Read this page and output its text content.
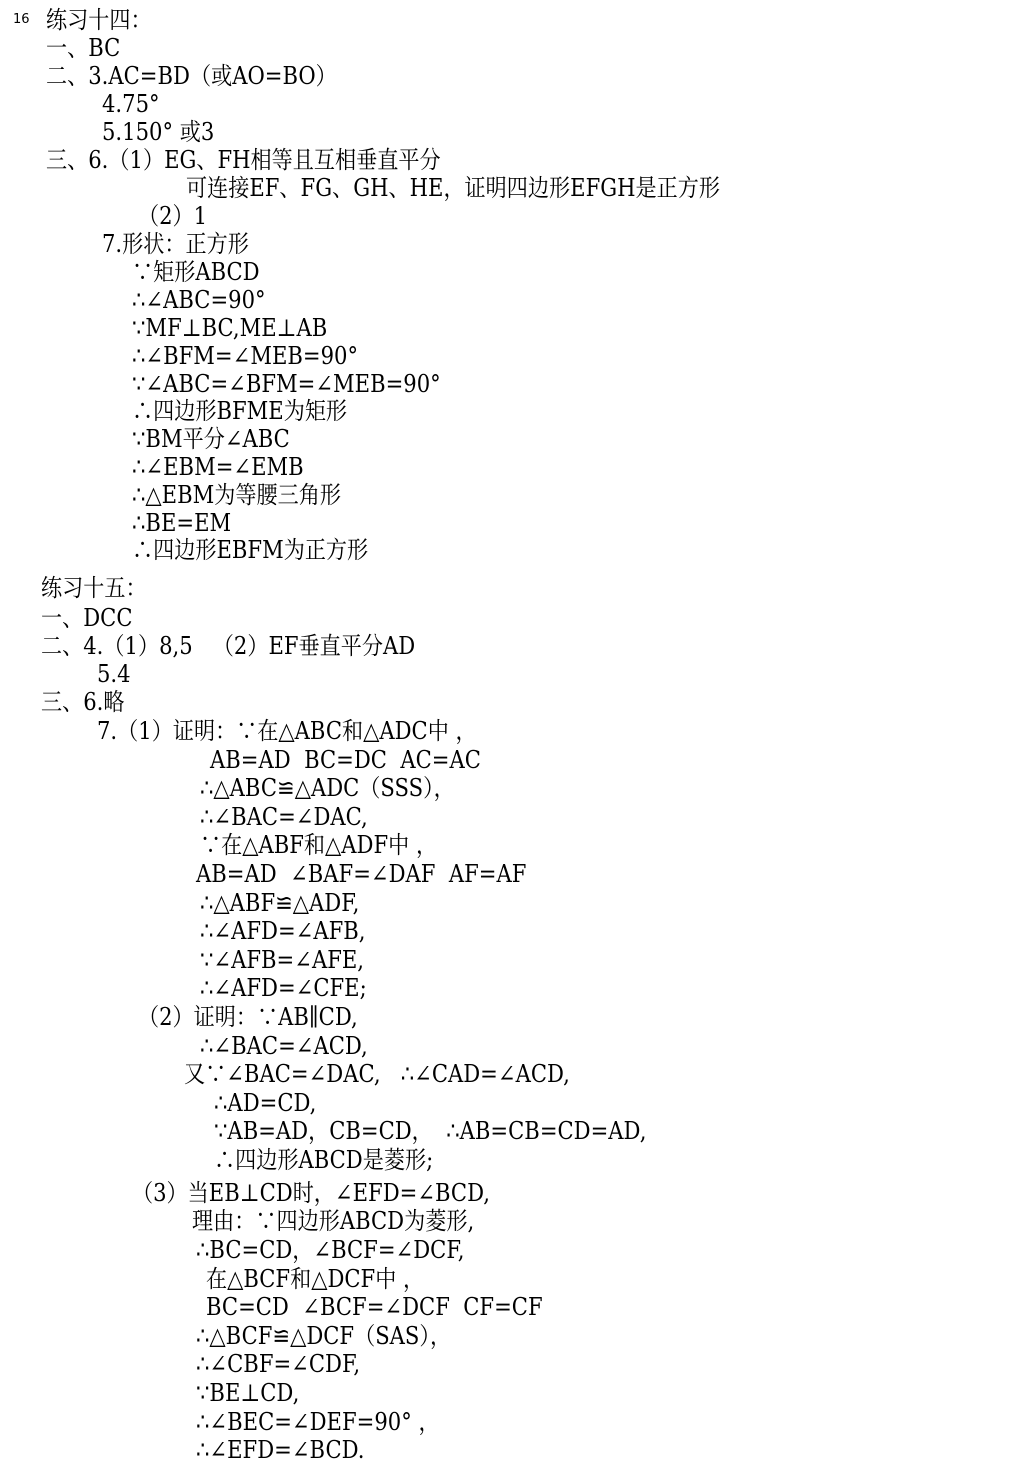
16 练习十四：
一、BC
二、3.AC=BD（或AO=BO）
4.75°
5.150° 或3
三、6.（1）EG、FH相等且互相垂直平分
可连接EF、FG、GH、HE，证明四边形EFGH是正方形
（2）1
7.形状：正方形
∵矩形ABCD
∴∠ABC=90°
∵MF⊥BC,ME⊥AB
∴∠BFM=∠MEB=90°
∵∠ABC=∠BFM=∠MEB=90°
∴四边形BFME为矩形
∵BM平分∠ABC
∴∠EBM=∠EMB
∴△EBM为等腰三角形
∴BE=EM
∴四边形EBFM为正方形
练习十五：
一、DCC
二、4.（1）8,5   （2）EF垂直平分AD
5.4
三、6.略
7.（1）证明：∵在△ABC和△ADC中 ，
AB=AD  BC=DC  AC=AC
∴△ABC≌△ADC（SSS），
∴∠BAC=∠DAC,
∵在△ABF和△ADF中 ，
AB=AD  ∠BAF=∠DAF  AF=AF
∴△ABF≌△ADF,
∴∠AFD=∠AFB,
∵∠AFB=∠AFE,
∴∠AFD=∠CFE;
（2）证明：∵AB∥CD,
∴∠BAC=∠ACD,
又∵∠BAC=∠DAC,   ∴∠CAD=∠ACD,
∴AD=CD,
∵AB=AD，CB=CD，  ∴AB=CB=CD=AD,
∴四边形ABCD是菱形;
（3）当EB⊥CD时，∠EFD=∠BCD,
理由：∵四边形ABCD为菱形,
∴BC=CD，∠BCF=∠DCF,
在△BCF和△DCF中 ，
BC=CD  ∠BCF=∠DCF  CF=CF
∴△BCF≌△DCF（SAS），
∴∠CBF=∠CDF,
∵BE⊥CD,
∴∠BEC=∠DEF=90° ，
∴∠EFD=∠BCD.
